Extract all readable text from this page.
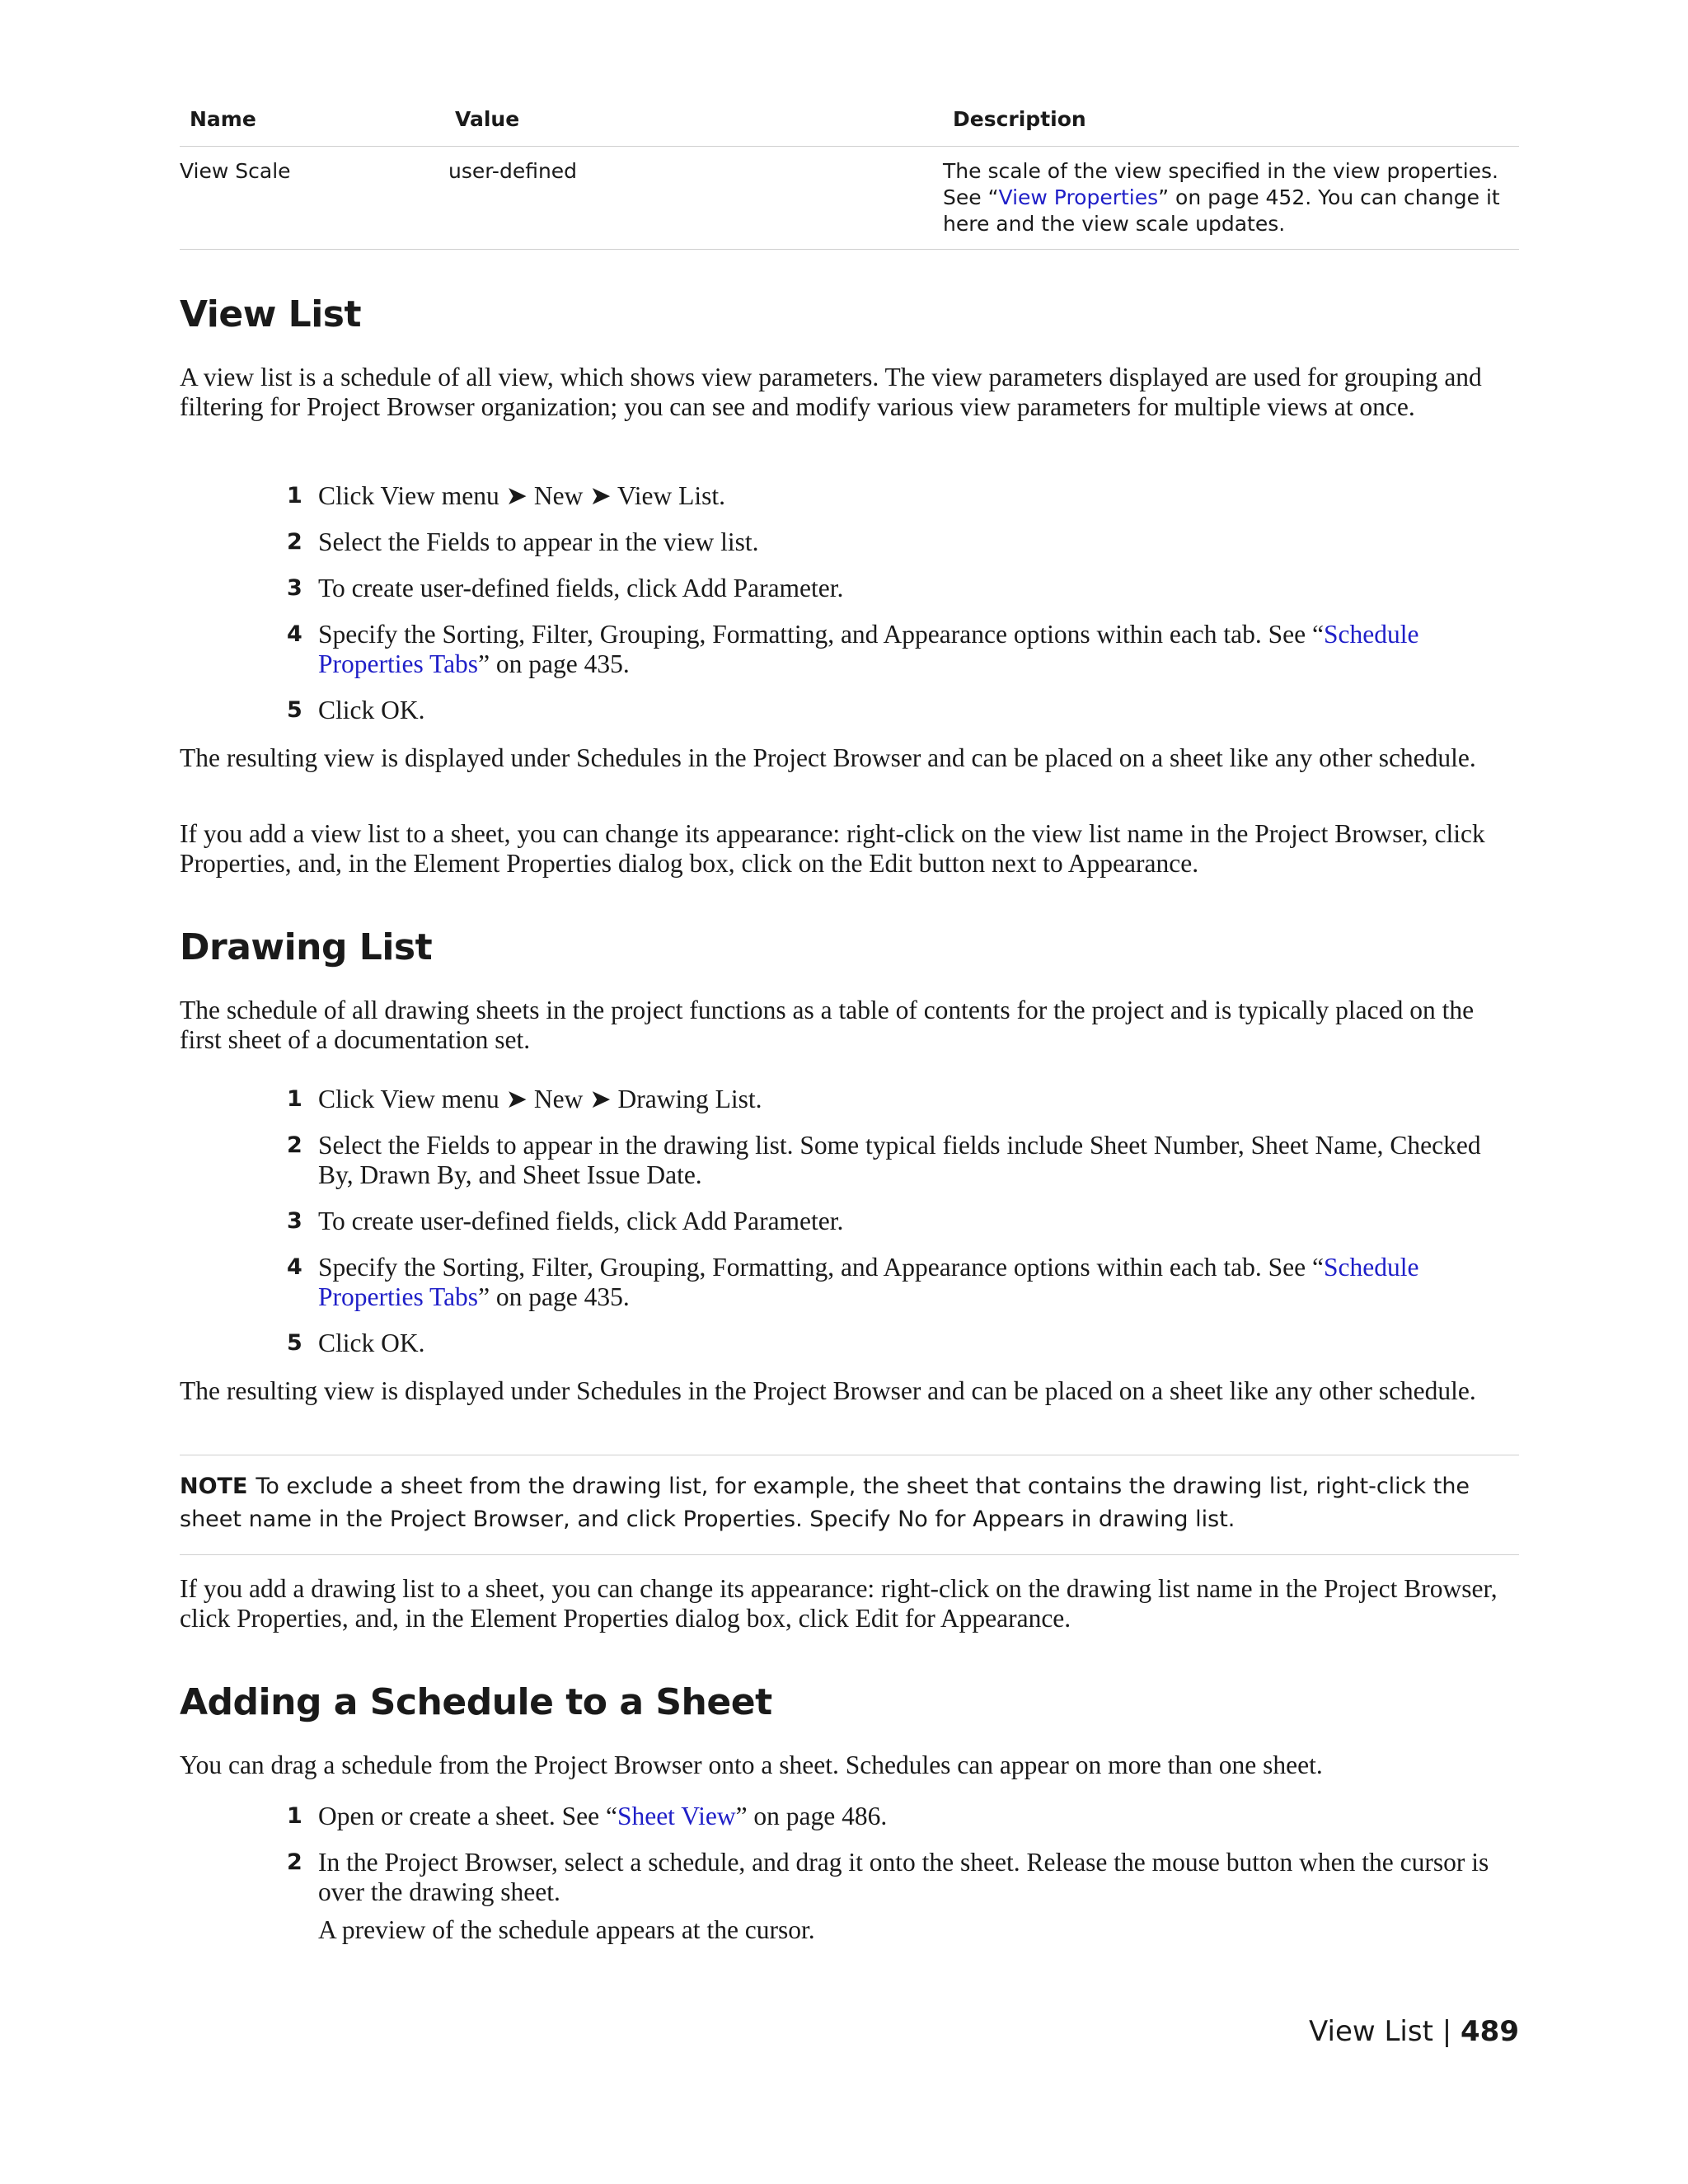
Name	Value	Description
View Scale	user-defined	The scale of the view specified in the view properties. See “View Properties” on page 452. You can change it here and the view scale updates.
View List

A view list is a schedule of all view, which shows view parameters. The view parameters displayed are used for grouping and filtering for Project Browser organization; you can see and modify various view parameters for multiple views at once.

1 Click View menu ➤ New ➤ View List.
2 Select the Fields to appear in the view list.
3 To create user-defined fields, click Add Parameter.
4 Specify the Sorting, Filter, Grouping, Formatting, and Appearance options within each tab. See “Schedule Properties Tabs” on page 435.
5 Click OK.

The resulting view is displayed under Schedules in the Project Browser and can be placed on a sheet like any other schedule.

If you add a view list to a sheet, you can change its appearance: right-click on the view list name in the Project Browser, click Properties, and, in the Element Properties dialog box, click on the Edit button next to Appearance.

Drawing List

The schedule of all drawing sheets in the project functions as a table of contents for the project and is typically placed on the first sheet of a documentation set.

1 Click View menu ➤ New ➤ Drawing List.
2 Select the Fields to appear in the drawing list. Some typical fields include Sheet Number, Sheet Name, Checked By, Drawn By, and Sheet Issue Date.
3 To create user-defined fields, click Add Parameter.
4 Specify the Sorting, Filter, Grouping, Formatting, and Appearance options within each tab. See “Schedule Properties Tabs” on page 435.
5 Click OK.

The resulting view is displayed under Schedules in the Project Browser and can be placed on a sheet like any other schedule.

NOTE To exclude a sheet from the drawing list, for example, the sheet that contains the drawing list, right-click the sheet name in the Project Browser, and click Properties. Specify No for Appears in drawing list.

If you add a drawing list to a sheet, you can change its appearance: right-click on the drawing list name in the Project Browser, click Properties, and, in the Element Properties dialog box, click Edit for Appearance.

Adding a Schedule to a Sheet

You can drag a schedule from the Project Browser onto a sheet. Schedules can appear on more than one sheet.

1 Open or create a sheet. See “Sheet View” on page 486.
2 In the Project Browser, select a schedule, and drag it onto the sheet. Release the mouse button when the cursor is over the drawing sheet.
A preview of the schedule appears at the cursor.
View List | 489
